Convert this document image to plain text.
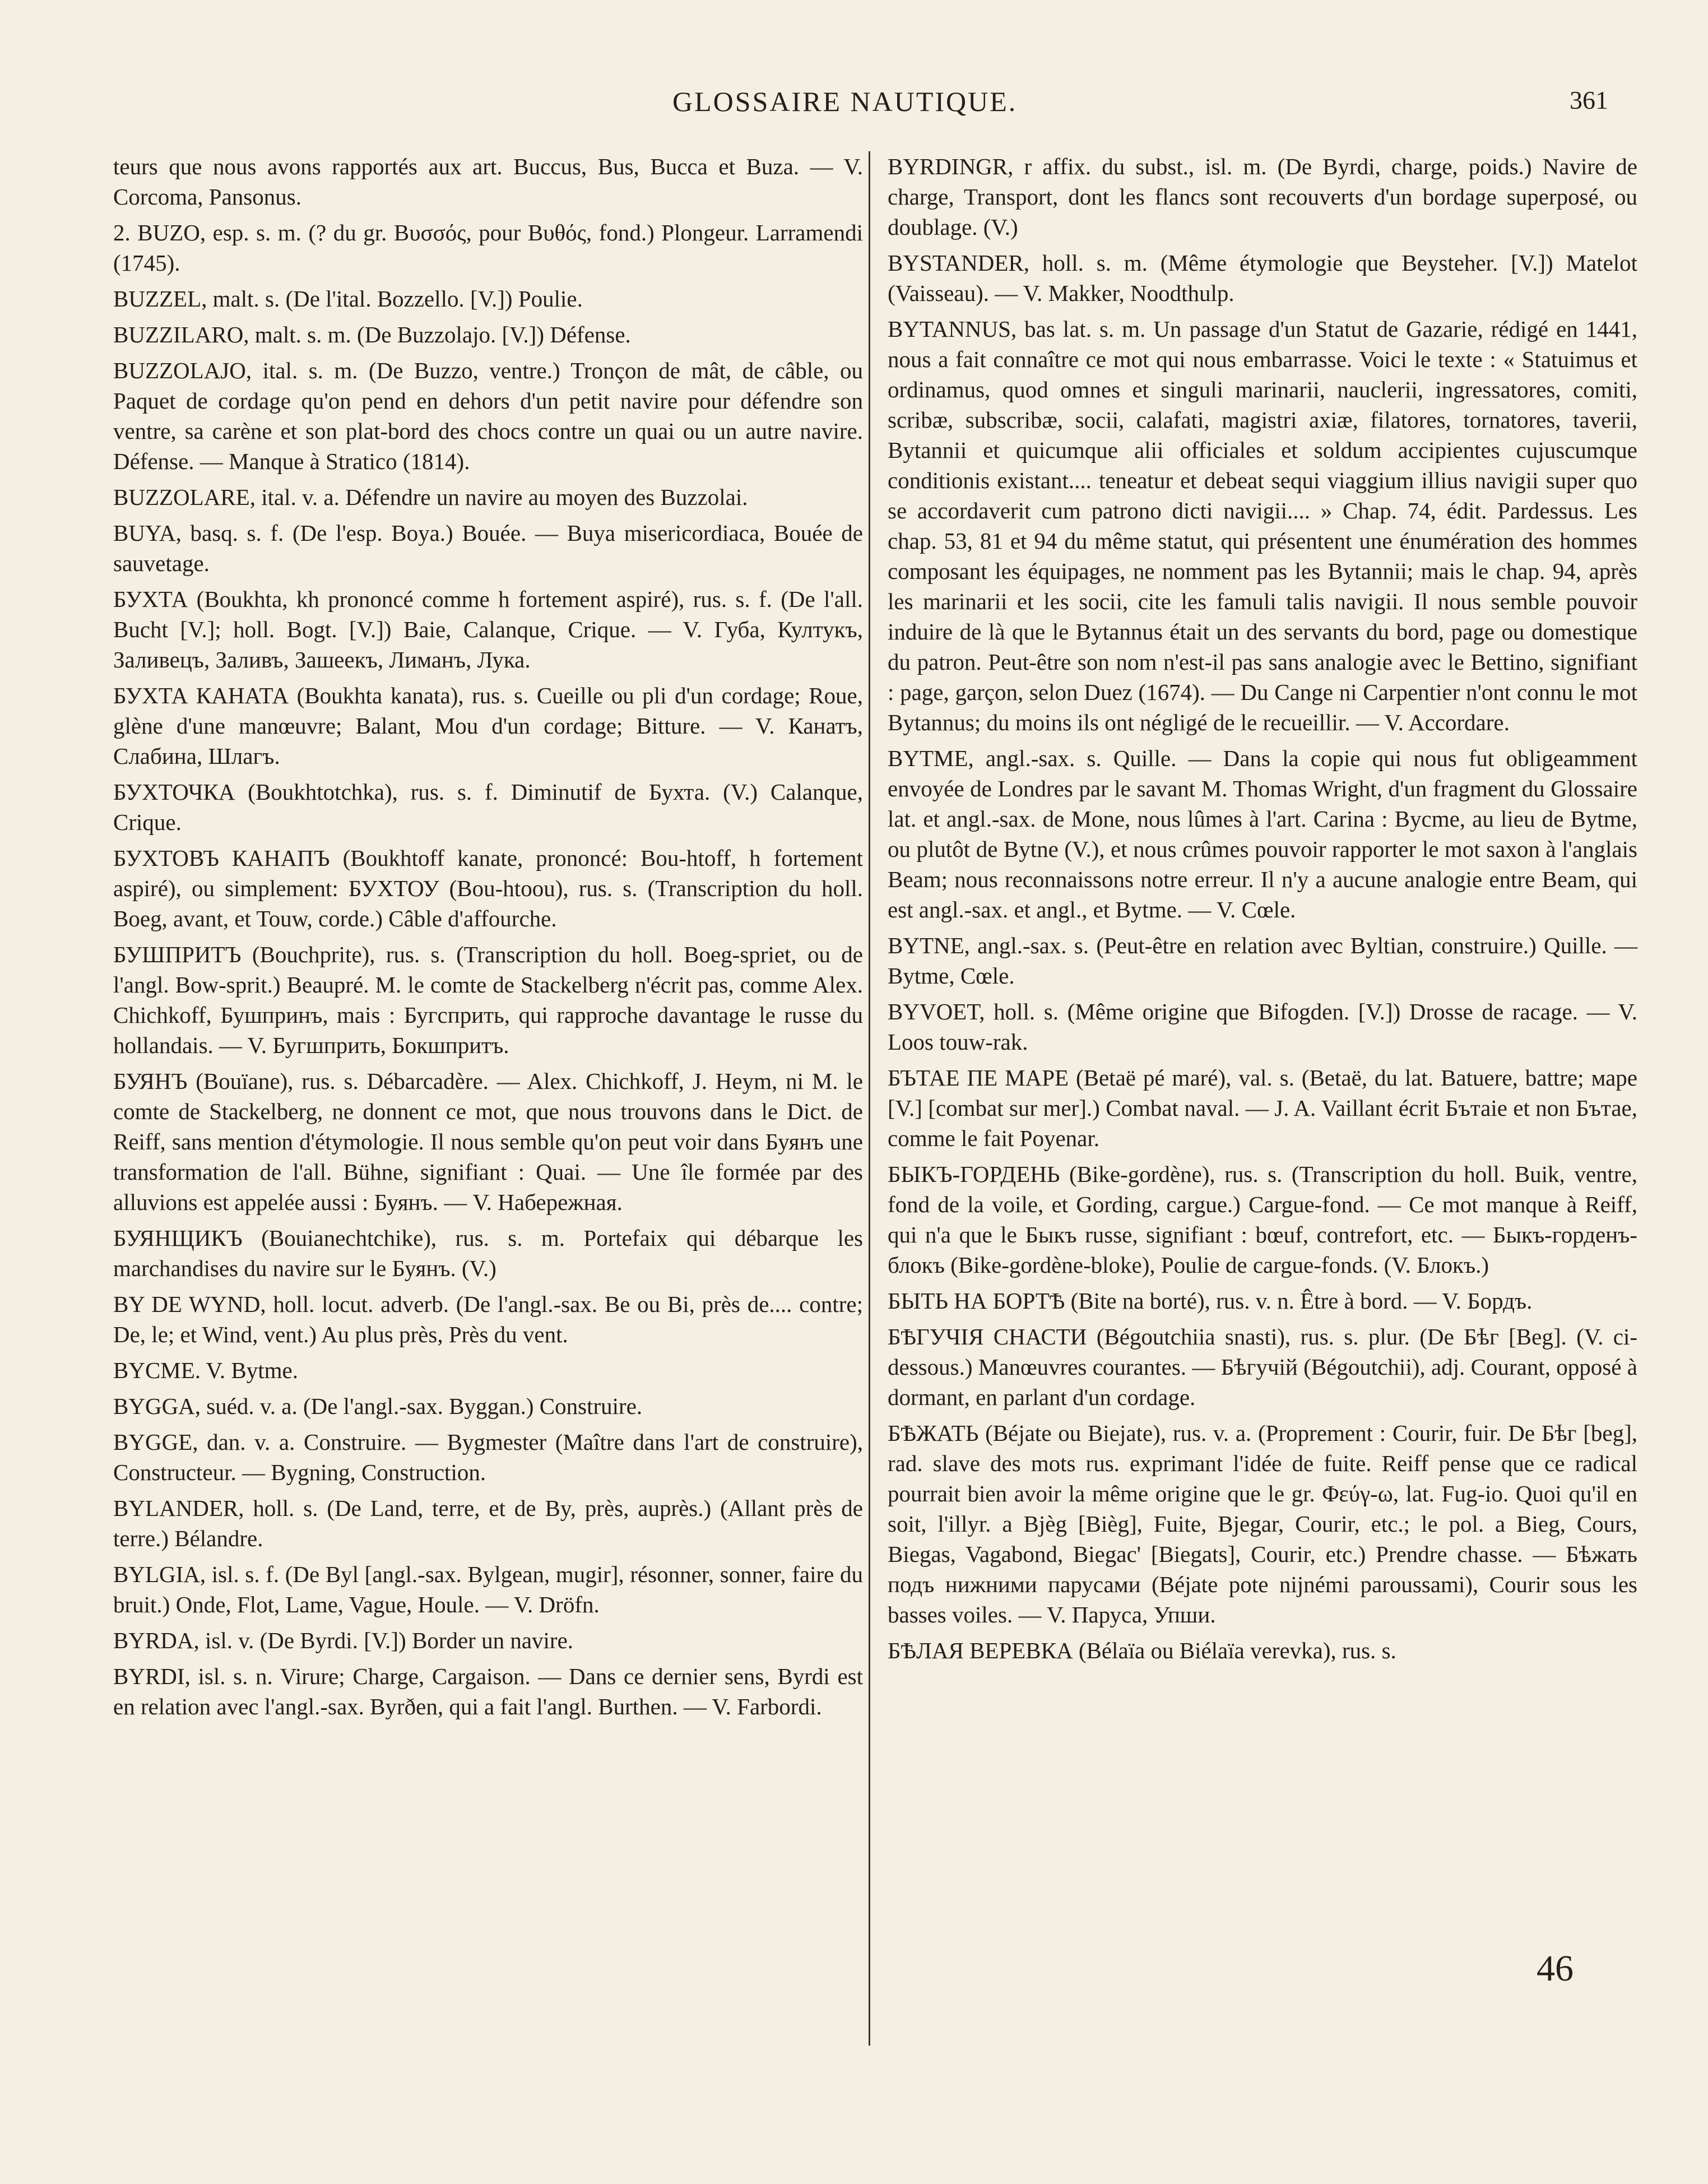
GLOSSAIRE NAUTIQUE.	361

teurs que nous avons rapportés aux art. Buccus, Bus, Bucca et Buza. — V. Corcoma, Pansonus.

2. BUZO, esp. s. m. (? du gr. Βυσσός, pour Βυθός, fond.) Plongeur. Larramendi (1745).

BUZZEL, malt. s. (De l'ital. Bozzello. [V.]) Poulie.

BUZZILARO, malt. s. m. (De Buzzolajo. [V.]) Défense.

BUZZOLAJO, ital. s. m. (De Buzzo, ventre.) Tronçon de mât, de câble, ou Paquet de cordage qu'on pend en dehors d'un petit navire pour défendre son ventre, sa carène et son plat-bord des chocs contre un quai ou un autre navire. Défense. — Manque à Stratico (1814).

BUZZOLARE, ital. v. a. Défendre un navire au moyen des Buzzolai.

BUYA, basq. s. f. (De l'esp. Boya.) Bouée. — Buya misericordiaca, Bouée de sauvetage.

БУХТА (Boukhta, kh prononcé comme h fortement aspiré), rus. s. f. (De l'all. Bucht [V.]; holl. Bogt. [V.]) Baie, Calanque, Crique. — V. Губа, Култукъ, Заливецъ, Заливъ, Зашеекъ, Лиманъ, Лука.

БУХТА КАНАТА (Boukhta kanata), rus. s. Cueille ou pli d'un cordage; Roue, glène d'une manœuvre; Balant, Mou d'un cordage; Bitture. — V. Канатъ, Слабина, Шлагъ.

БУХТОЧКА (Boukhtotchka), rus. s. f. Diminutif de Бухта. (V.) Calanque, Crique.

БУХТОВЪ КАНАПЪ (Boukhtoff kanate, prononcé: Bou-htoff, h fortement aspiré), ou simplement: БУХТОУ (Bou-htoou), rus. s. (Transcription du holl. Boeg, avant, et Touw, corde.) Câble d'affourche.

БУШПРИТЪ (Bouchprite), rus. s. (Transcription du holl. Boeg-spriet, ou de l'angl. Bow-sprit.) Beaupré. M. le comte de Stackelberg n'écrit pas, comme Alex. Chichkoff, Бушпринъ, mais : Бугсприть, qui rapproche davantage le russe du hollandais. — V. Бугшприть, Бокшпритъ.

БУЯНЪ (Bouïane), rus. s. Débarcadère. — Alex. Chichkoff, J. Heym, ni M. le comte de Stackelberg, ne donnent ce mot, que nous trouvons dans le Dict. de Reiff, sans mention d'étymologie. Il nous semble qu'on peut voir dans Буянъ une transformation de l'all. Bühne, signifiant : Quai. — Une île formée par des alluvions est appelée aussi : Буянъ. — V. Набережная.

БУЯНЩИКЪ (Bouianechtchike), rus. s. m. Portefaix qui débarque les marchandises du navire sur le Буянъ. (V.)

BY DE WYND, holl. locut. adverb. (De l'angl.-sax. Be ou Bi, près de.... contre; De, le; et Wind, vent.) Au plus près, Près du vent.

BYCME. V. Bytme.

BYGGA, suéd. v. a. (De l'angl.-sax. Byggan.) Construire.

BYGGE, dan. v. a. Construire. — Bygmester (Maître dans l'art de construire), Constructeur. — Bygning, Construction.

BYLANDER, holl. s. (De Land, terre, et de By, près, auprès.) (Allant près de terre.) Bélandre.

BYLGIA, isl. s. f. (De Byl [angl.-sax. Bylgean, mugir], résonner, sonner, faire du bruit.) Onde, Flot, Lame, Vague, Houle. — V. Dröfn.

BYRDA, isl. v. (De Byrdi. [V.]) Border un navire.

BYRDI, isl. s. n. Virure; Charge, Cargaison. — Dans ce dernier sens, Byrdi est en relation avec l'angl.-sax. Byrðen, qui a fait l'angl. Burthen. — V. Farbordi.

BYRDINGR, r affix. du subst., isl. m. (De Byrdi, charge, poids.) Navire de charge, Transport, dont les flancs sont recouverts d'un bordage superposé, ou doublage. (V.)

BYSTANDER, holl. s. m. (Même étymologie que Beysteher. [V.]) Matelot (Vaisseau). — V. Makker, Noodthulp.

BYTANNUS, bas lat. s. m. Un passage d'un Statut de Gazarie, rédigé en 1441, nous a fait connaître ce mot qui nous embarrasse. Voici le texte : « Statuimus et ordinamus, quod omnes et singuli marinarii, nauclerii, ingressatores, comiti, scribæ, subscribæ, socii, calafati, magistri axiæ, filatores, tornatores, taverii, Bytannii et quicumque alii officiales et soldum accipientes cujuscumque conditionis existant.... teneatur et debeat sequi viaggium illius navigii super quo se accordaverit cum patrono dicti navigii.... » Chap. 74, édit. Pardessus. Les chap. 53, 81 et 94 du même statut, qui présentent une énumération des hommes composant les équipages, ne nomment pas les Bytannii; mais le chap. 94, après les marinarii et les socii, cite les famuli talis navigii. Il nous semble pouvoir induire de là que le Bytannus était un des servants du bord, page ou domestique du patron. Peut-être son nom n'est-il pas sans analogie avec le Bettino, signifiant : page, garçon, selon Duez (1674). — Du Cange ni Carpentier n'ont connu le mot Bytannus; du moins ils ont négligé de le recueillir. — V. Accordare.

BYTME, angl.-sax. s. Quille. — Dans la copie qui nous fut obligeamment envoyée de Londres par le savant M. Thomas Wright, d'un fragment du Glossaire lat. et angl.-sax. de Mone, nous lûmes à l'art. Carina : Bycme, au lieu de Bytme, ou plutôt de Bytne (V.), et nous crûmes pouvoir rapporter le mot saxon à l'anglais Beam; nous reconnaissons notre erreur. Il n'y a aucune analogie entre Beam, qui est angl.-sax. et angl., et Bytme. — V. Cœle.

BYTNE, angl.-sax. s. (Peut-être en relation avec Byltian, construire.) Quille. — Bytme, Cœle.

BYVOET, holl. s. (Même origine que Bifogden. [V.]) Drosse de racage. — V. Loos touw-rak.

БЪТАЕ ПЕ МАРЕ (Betaë pé maré), val. s. (Betaë, du lat. Batuere, battre; маре [V.] [combat sur mer].) Combat naval. — J. A. Vaillant écrit Бътаie et non Бътае, comme le fait Poyenar.

БЫКЪ-ГОРДЕНЬ (Bike-gordène), rus. s. (Transcription du holl. Buik, ventre, fond de la voile, et Gording, cargue.) Cargue-fond. — Ce mot manque à Reiff, qui n'a que le Быкъ russe, signifiant : bœuf, contrefort, etc. — Быкъ-горденъ-блокъ (Bike-gordène-bloke), Poulie de cargue-fonds. (V. Блокъ.)

БЫТЬ НА БОРТѢ (Bite na borté), rus. v. n. Être à bord. — V. Бордъ.

БѢГУЧІЯ СНАСТИ (Bégoutchiia snasti), rus. s. plur. (De Бѣг [Beg]. (V. ci-dessous.) Manœuvres courantes. — Бѣгучій (Bégoutchii), adj. Courant, opposé à dormant, en parlant d'un cordage.

БѢЖАТЬ (Béjate ou Biejate), rus. v. a. (Proprement : Courir, fuir. De Бѣг [beg], rad. slave des mots rus. exprimant l'idée de fuite. Reiff pense que ce radical pourrait bien avoir la même origine que le gr. Φεύγ-ω, lat. Fug-io. Quoi qu'il en soit, l'illyr. a Bjèg [Bièg], Fuite, Bjegar, Courir, etc.; le pol. a Bieg, Cours, Biegas, Vagabond, Biegac' [Biegats], Courir, etc.) Prendre chasse. — Бѣжать подъ нижними парусами (Béjate pote nijnémi paroussami), Courir sous les basses voiles. — V. Паруса, Упши.

БѢЛАЯ ВЕРЕВКА (Bélaïa ou Biélaïa verevka), rus. s.

46
